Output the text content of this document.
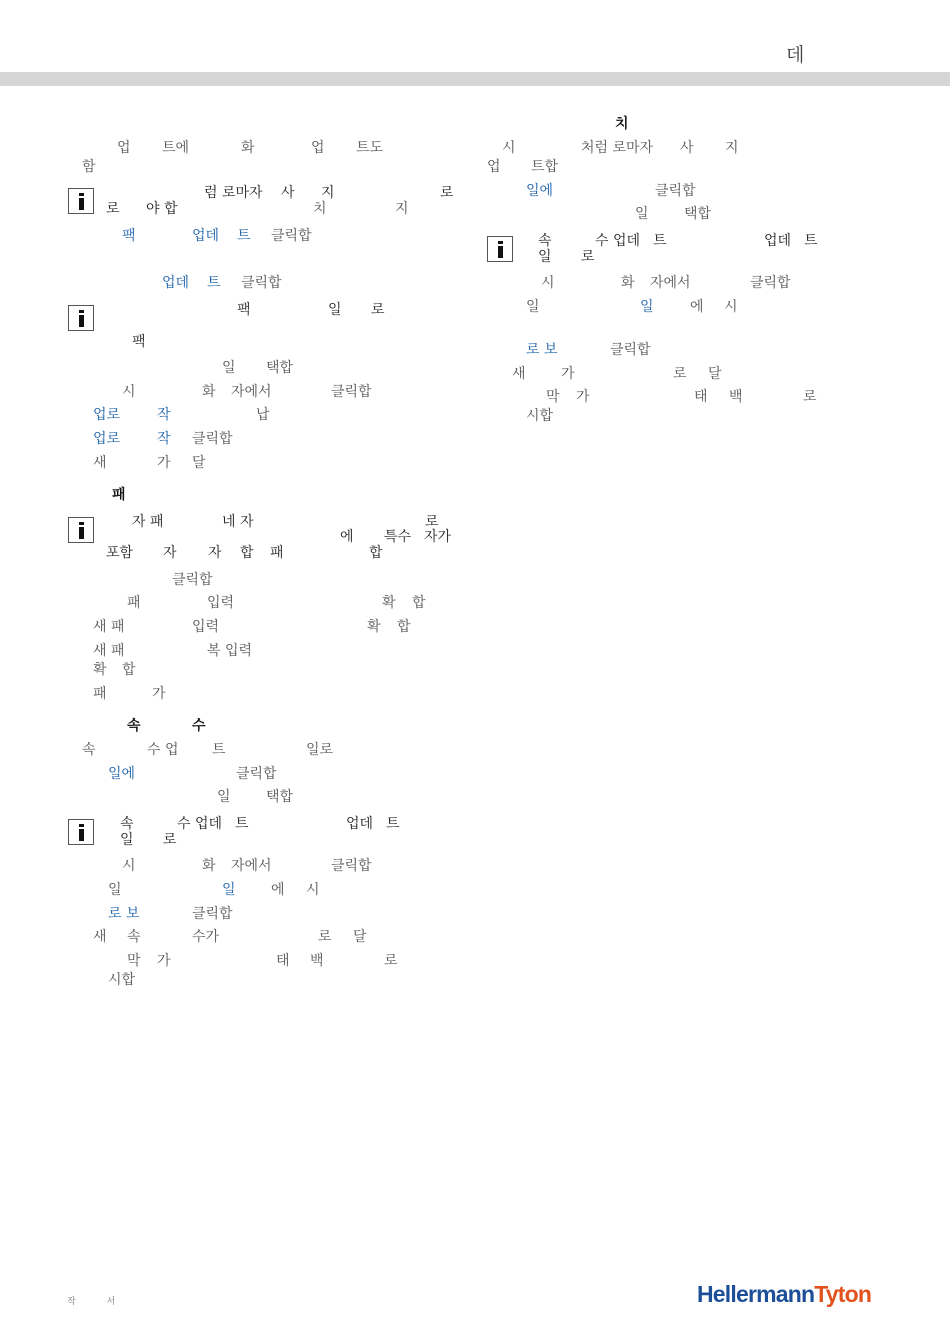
데
업 트에	화	업 트도
함
럼 로마자 사 지	로
로 야 합	치	지
팩	업데 트 클릭합
업데 트 클릭합
팩	일 로
팩
일 택합
시	화 자에서	클릭합
업로	작	납
업로	작 클릭합
새	가 달
패
자 패	네 자	로
에 특수 자가
포함 자 자 합 패	합
클릭합
패	입력	확 합
새 패	입력	확 합
새 패	복 입력
확 합
패	가
속	수
속	수 업 트	일로
일에	클릭합
일	택합
속	수 업데 트	업데 트
일 로
시	화 자에서	클릭합
일	일	에 시
로 보	클릭합
새 속	수가	로 달
막 가	태 백	로
시합
치
시	처럼 로마자 사 지
업 트합
일에	클릭합
일	택합
속	수 업데 트	업데 트
일 로
시	화 자에서	클릭합
일	일	에 시
로 보	클릭합
새	가	로 달
막 가	태 백	로
시합
작	서	HellermannTyton
